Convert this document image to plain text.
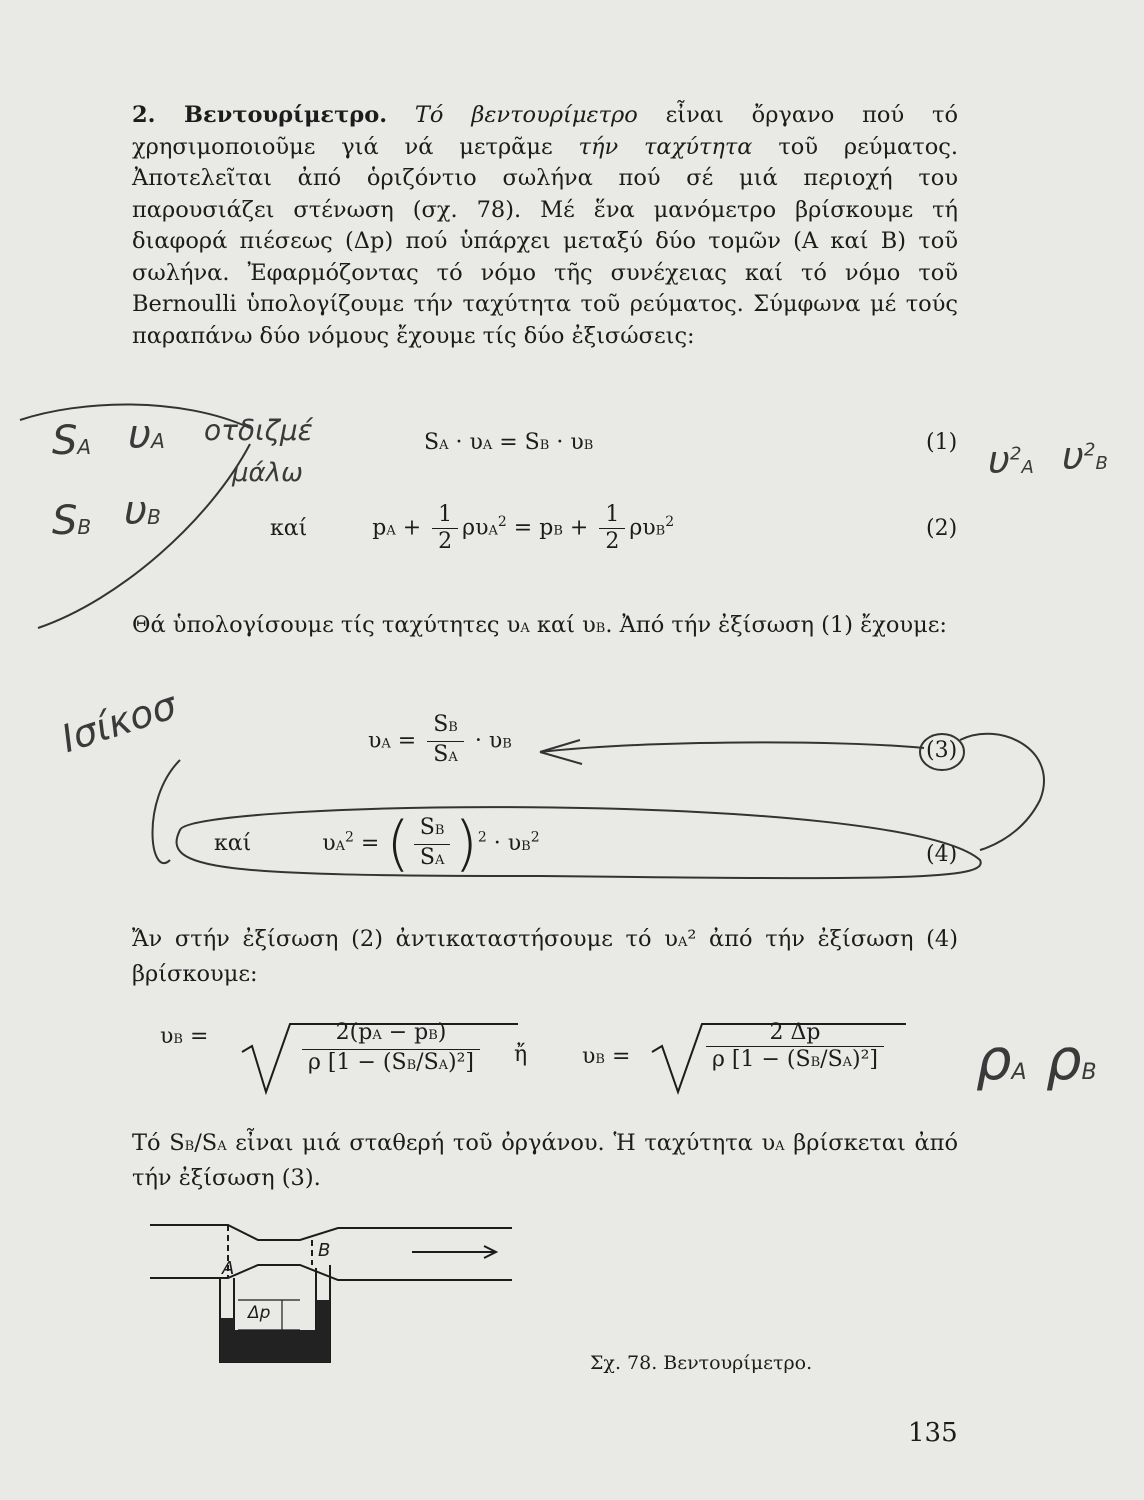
2. Βεντουρίμετρο. Τό βεντουρίμετρο εἶναι ὄργανο πού τό χρησιμοποιοῦμε γιά νά μετρᾶμε τήν ταχύτητα τοῦ ρεύματος. Ἀποτελεῖται ἀπό ὁριζόντιο σωλήνα πού σέ μιά περιοχή του παρουσιάζει στένωση (σχ. 78). Μέ ἕνα μανόμετρο βρίσκουμε τή διαφορά πιέσεως (Δp) πού ὑπάρχει μεταξύ δύο τομῶν (Α καί Β) τοῦ σωλήνα. Ἐφαρμόζοντας τό νόμο τῆς συνέχειας καί τό νόμο τοῦ Bernoulli ὑπολογίζουμε τήν ταχύτητα τοῦ ρεύματος. Σύμφωνα μέ τούς παραπάνω δύο νόμους ἔχουμε τίς δύο ἐξισώσεις:
SA · υA = SB · υB	(1)
καί	pA + $\frac{1}{2} \rho\upsilon A^2$ = pB + $\frac{1}{2} \rho\upsilon B^2$	(2)
Θά ὑπολογίσουμε τίς ταχύτητες υA καί υB. Ἀπό τήν ἐξίσωση (1) ἔχουμε:
$\upsilon A = \frac{SB}{SA} \cdot \upsilon B$	(3)
καί	$\upsilon A^2$ = ( $\frac{SB}{SA} )^2 \cdot \upsilon B^2$
(4)
Ἄν στήν ἐξίσωση (2) ἀντικαταστήσουμε τό υA² ἀπό τήν ἐξίσωση (4) βρίσκουμε:
υB =	$\frac{2(pA - pB)}{\text{ρ [1 − (SB/SA)²]}}$ ἤ υB =	$\frac{2 \Delta p}{\text{ρ [1 − (SB/SA)²]}}$
Τό SB/SA εἶναι μιά σταθερή τοῦ ὀργάνου. Ἡ ταχύτητα υA βρίσκεται ἀπό τήν ἐξίσωση (3).
A
B
Δp
Σχ. 78. Βεντουρίμετρο.
135
SA υA οτδιζμέ
μάλω
SB υB
Ισίκοσ
$\upsilon^2A$ $\upsilon^2B$
ρA ρB
